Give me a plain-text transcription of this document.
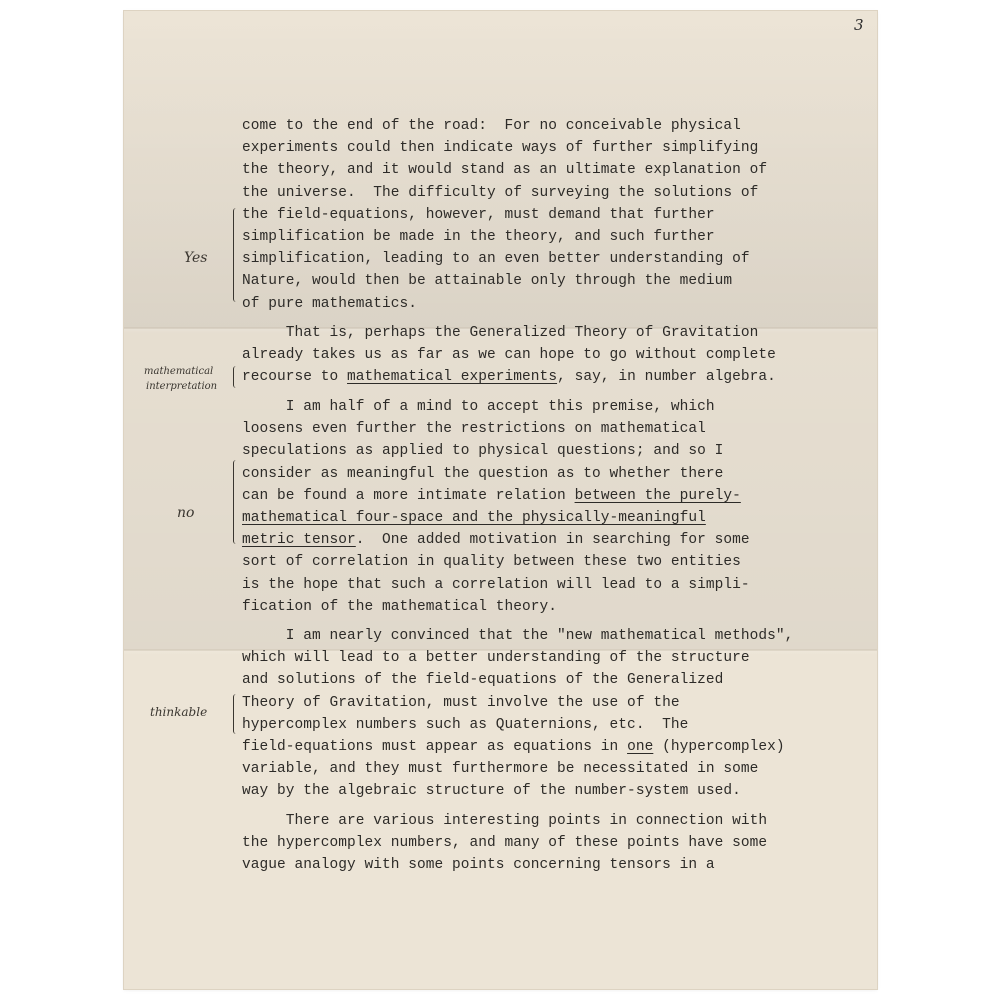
3
come to the end of the road:  For no conceivable physical
experiments could then indicate ways of further simplifying
the theory, and it would stand as an ultimate explanation of
the universe.  The difficulty of surveying the solutions of
the field-equations, however, must demand that further
simplification be made in the theory, and such further
simplification, leading to an even better understanding of
Nature, would then be attainable only through the medium
of pure mathematics.
That is, perhaps the Generalized Theory of Gravitation
already takes us as far as we can hope to go without complete
recourse to mathematical experiments, say, in number algebra.
I am half of a mind to accept this premise, which
loosens even further the restrictions on mathematical
speculations as applied to physical questions; and so I
consider as meaningful the question as to whether there
can be found a more intimate relation between the purely-
mathematical four-space and the physically-meaningful
metric tensor.  One added motivation in searching for some
sort of correlation in quality between these two entities
is the hope that such a correlation will lead to a simpli-
fication of the mathematical theory.
I am nearly convinced that the "new mathematical methods",
which will lead to a better understanding of the structure
and solutions of the field-equations of the Generalized
Theory of Gravitation, must involve the use of the
hypercomplex numbers such as Quaternions, etc.  The
field-equations must appear as equations in one (hypercomplex)
variable, and they must furthermore be necessitated in some
way by the algebraic structure of the number-system used.
There are various interesting points in connection with
the hypercomplex numbers, and many of these points have some
vague analogy with some points concerning tensors in a
Yes
mathematical
interpretation
no
thinkable
